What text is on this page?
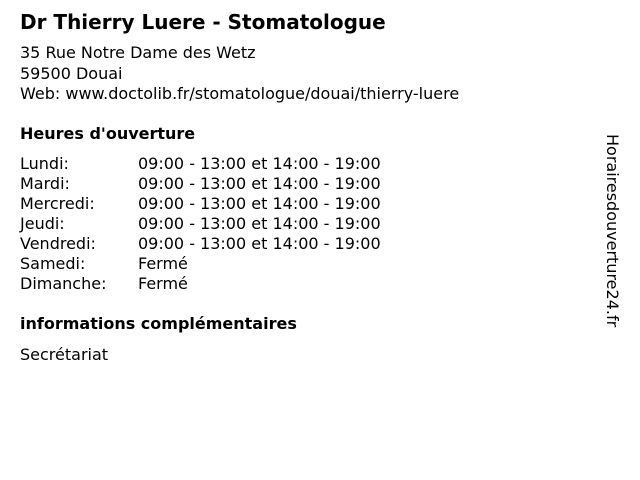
Dr Thierry Luere - Stomatologue
35 Rue Notre Dame des Wetz
59500 Douai
Web: www.doctolib.fr/stomatologue/douai/thierry-luere
Heures d'ouverture
Lundi:	09:00 - 13:00 et 14:00 - 19:00
Mardi:	09:00 - 13:00 et 14:00 - 19:00
Mercredi:	09:00 - 13:00 et 14:00 - 19:00
Jeudi:	09:00 - 13:00 et 14:00 - 19:00
Vendredi:	09:00 - 13:00 et 14:00 - 19:00
Samedi:	Fermé
Dimanche: Fermé
informations complémentaires
Secrétariat
Horairesdouverture24.fr
